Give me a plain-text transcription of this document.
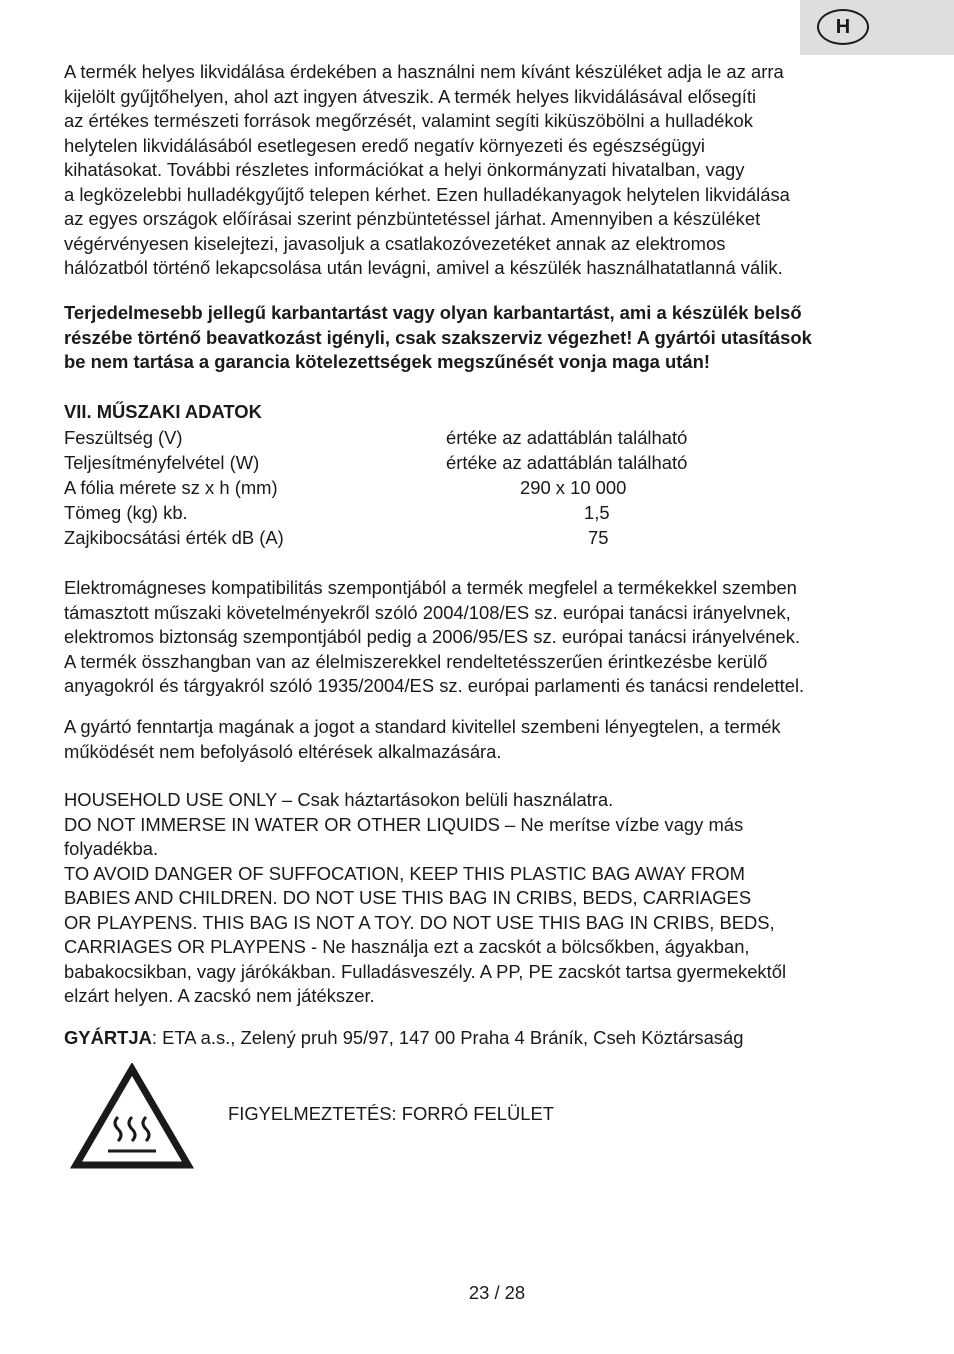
H
A termék helyes likvidálása érdekében a használni nem kívánt készüléket adja le az arra
kijelölt gyűjtőhelyen, ahol azt ingyen átveszik. A termék helyes likvidálásával elősegíti
az értékes természeti források megőrzését, valamint segíti kiküszöbölni a hulladékok
helytelen likvidálásából esetlegesen eredő negatív környezeti és egészségügyi
kihatásokat. További részletes információkat a helyi önkormányzati hivatalban, vagy
a legközelebbi hulladékgyűjtő telepen kérhet. Ezen hulladékanyagok helytelen likvidálása
az egyes országok előírásai szerint pénzbüntetéssel járhat. Amennyiben a készüléket
végérvényesen kiselejtezi, javasoljuk a csatlakozóvezetéket annak az elektromos
hálózatból történő lekapcsolása után levágni, amivel a készülék használhatatlanná válik.
Terjedelmesebb jellegű karbantartást vagy olyan karbantartást, ami a készülék belső
részébe történő beavatkozást igényli, csak szakszerviz végezhet! A gyártói utasítások
be nem tartása a garancia kötelezettségek megszűnését vonja maga után!
VII. MŰSZAKI ADATOK
Feszültség (V)	értéke az adattáblán található
Teljesítményfelvétel (W)	értéke az adattáblán található
A fólia mérete sz x h (mm)	290 x 10 000
Tömeg (kg) kb.	1,5
Zajkibocsátási érték dB (A)	75
Elektromágneses kompatibilitás szempontjából a termék megfelel a termékekkel szemben
támasztott műszaki követelményekről szóló 2004/108/ES sz. európai tanácsi irányelvnek,
elektromos biztonság szempontjából pedig a 2006/95/ES sz. európai tanácsi irányelvének.
A termék összhangban van az élelmiszerekkel rendeltetésszerűen érintkezésbe kerülő
anyagokról és tárgyakról szóló 1935/2004/ES sz. európai parlamenti és tanácsi rendelettel.
A gyártó fenntartja magának a jogot a standard kivitellel szembeni lényegtelen, a termék
működését nem befolyásoló eltérések alkalmazására.
HOUSEHOLD USE ONLY – Csak háztartásokon belüli használatra.
DO NOT IMMERSE IN WATER OR OTHER LIQUIDS – Ne merítse vízbe vagy más
folyadékba.
TO AVOID DANGER OF SUFFOCATION, KEEP THIS PLASTIC BAG AWAY FROM
BABIES AND CHILDREN. DO NOT USE THIS BAG IN CRIBS, BEDS, CARRIAGES
OR PLAYPENS. THIS BAG IS NOT A TOY. DO NOT USE THIS BAG IN CRIBS, BEDS,
CARRIAGES OR PLAYPENS - Ne használja ezt a zacskót a bölcsőkben, ágyakban,
babakocsikban, vagy járókákban. Fulladásveszély. A PP, PE zacskót tartsa gyermekektől
elzárt helyen. A zacskó nem játékszer.
GYÁRTJA: ETA a.s., Zelený pruh 95/97, 147 00 Praha 4 Bráník, Cseh Köztársaság
FIGYELMEZTETÉS: FORRÓ FELÜLET
23 / 28
